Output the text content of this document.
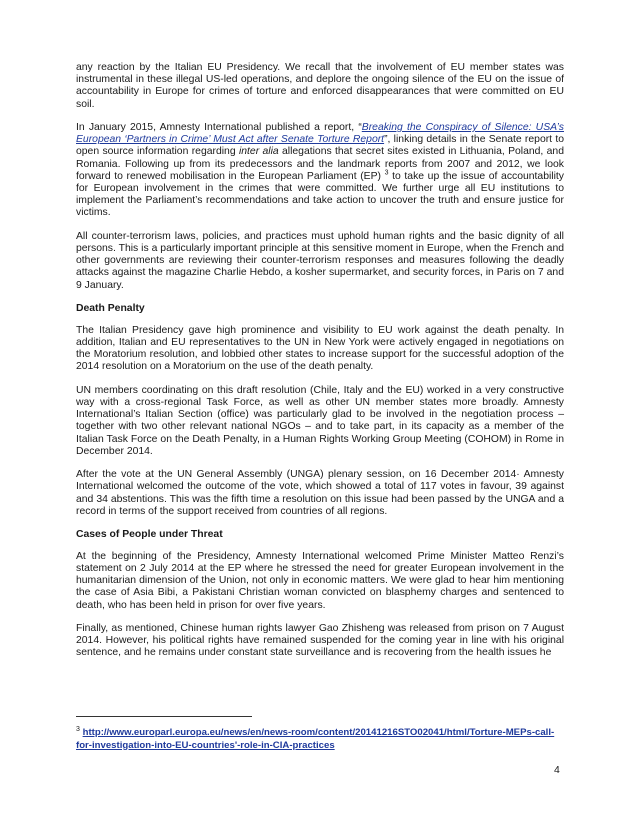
any reaction by the Italian EU Presidency. We recall that the involvement of EU member states was instrumental in these illegal US-led operations, and deplore the ongoing silence of the EU on the issue of accountability in Europe for crimes of torture and enforced disappearances that were committed on EU soil.

In January 2015, Amnesty International published a report, “Breaking the Conspiracy of Silence: USA’s European ‘Partners in Crime’ Must Act after Senate Torture Report”, linking details in the Senate report to open source information regarding inter alia allegations that secret sites existed in Lithuania, Poland, and Romania. Following up from its predecessors and the landmark reports from 2007 and 2012, we look forward to renewed mobilisation in the European Parliament (EP) $^3$ to take up the issue of accountability for European involvement in the crimes that were committed. We further urge all EU institutions to implement the Parliament’s recommendations and take action to uncover the truth and ensure justice for victims.

All counter-terrorism laws, policies, and practices must uphold human rights and the basic dignity of all persons. This is a particularly important principle at this sensitive moment in Europe, when the French and other governments are reviewing their counter-terrorism responses and measures following the deadly attacks against the magazine Charlie Hebdo, a kosher supermarket, and security forces, in Paris on 7 and 9 January.

Death Penalty

The Italian Presidency gave high prominence and visibility to EU work against the death penalty. In addition, Italian and EU representatives to the UN in New York were actively engaged in negotiations on the Moratorium resolution, and lobbied other states to increase support for the successful adoption of the 2014 resolution on a Moratorium on the use of the death penalty.

UN members coordinating on this draft resolution (Chile, Italy and the EU) worked in a very constructive way with a cross-regional Task Force, as well as other UN member states more broadly. Amnesty International’s Italian Section (office) was particularly glad to be involved in the negotiation process – together with two other relevant national NGOs – and to take part, in its capacity as a member of the Italian Task Force on the Death Penalty, in a Human Rights Working Group Meeting (COHOM) in Rome in December 2014.

After the vote at the UN General Assembly (UNGA) plenary session, on 16 December 2014· Amnesty International welcomed the outcome of the vote, which showed a total of 117 votes in favour, 39 against and 34 abstentions. This was the fifth time a resolution on this issue had been passed by the UNGA and a record in terms of the support received from countries of all regions.

Cases of People under Threat

At the beginning of the Presidency, Amnesty International welcomed Prime Minister Matteo Renzi’s statement on 2 July 2014 at the EP where he stressed the need for greater European involvement in the humanitarian dimension of the Union, not only in economic matters. We were glad to hear him mentioning the case of Asia Bibi, a Pakistani Christian woman convicted on blasphemy charges and sentenced to death, who has been held in prison for over five years.

Finally, as mentioned, Chinese human rights lawyer Gao Zhisheng was released from prison on 7 August 2014. However, his political rights have remained suspended for the coming year in line with his original sentence, and he remains under constant state surveillance and is recovering from the health issues he

$^3$ http://www.europarl.europa.eu/news/en/news-room/content/20141216STO02041/html/Torture-MEPs-call-for-investigation-into-EU-countries'-role-in-CIA-practices
4
